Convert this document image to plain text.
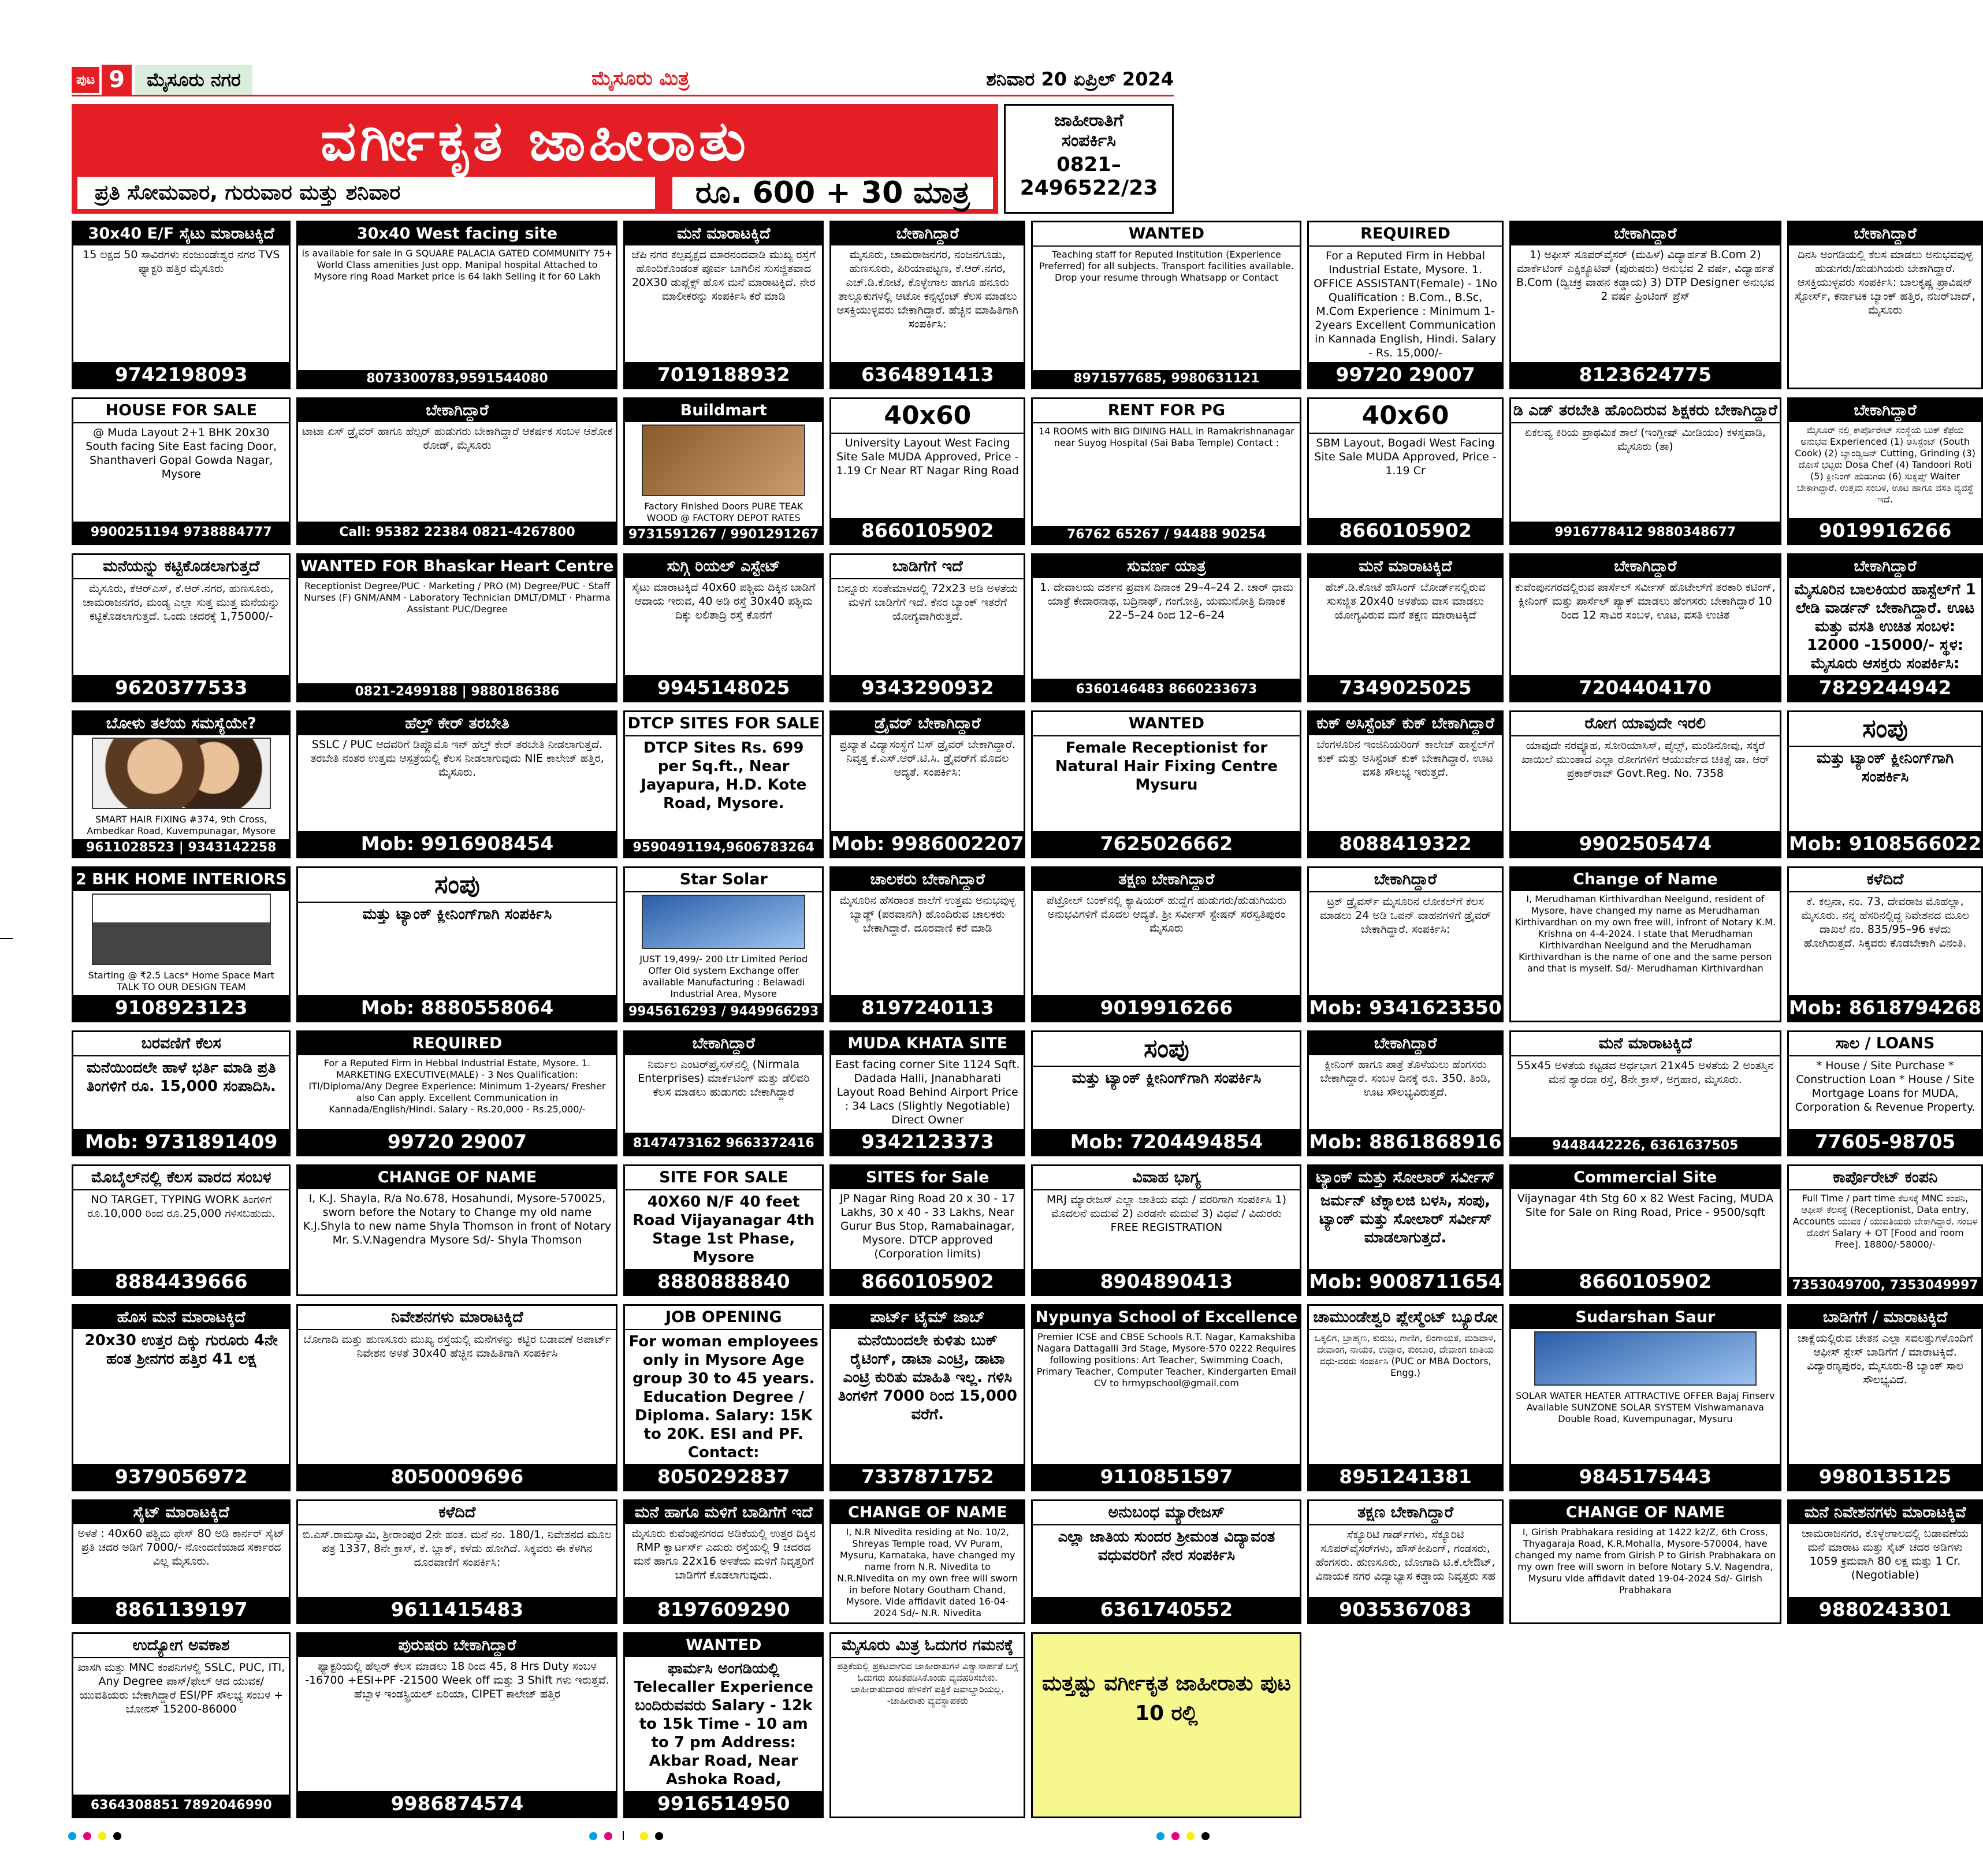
ಪುಟ 9	ಮೈಸೂರು ನಗರ	ಮೈಸೂರು ಮಿತ್ರ	ಶನಿವಾರ 20 ಏಪ್ರಿಲ್ 2024
ವರ್ಗೀಕೃತ ಜಾಹೀರಾತು
ಪ್ರತಿ ಸೋಮವಾರ, ಗುರುವಾರ ಮತ್ತು ಶನಿವಾರ	ರೂ. 600 + 30 ಮಾತ್ರ
ಜಾಹೀರಾತಿಗೆ
ಸಂಪರ್ಕಿಸಿ
0821–
2496522/23
30x40 E/F ಸೈಟು ಮಾರಾಟಕ್ಕಿದೆ
15 ಲಕ್ಷದ 50 ಸಾವಿರಗಳು ನಂಜುಂಡೇಶ್ವರ ನಗರ TVS ಫ್ಯಾಕ್ಟರಿ ಹತ್ತಿರ ಮೈಸೂರು
9742198093
30x40 West facing site
is available for sale in G SQUARE PALACIA GATED COMMUNITY 75+ World Class amenities Just opp. Manipal hospital Attached to Mysore ring Road Market price is 64 lakh Selling it for 60 Lakh
8073300783,9591544080
ಮನೆ ಮಾರಾಟಕ್ಕಿದೆ
ಜೆಪಿ ನಗರ ಕಲ್ಪವೃಕ್ಷದ ಮಾರನಂದವಾಡಿ ಮುಖ್ಯ ರಸ್ತೆಗೆ ಹೊಂದಿಕೊಂಡಂತೆ ಪೂರ್ವ ಬಾಗಿಲಿನ ಸುಸಜ್ಜಿತವಾದ 20X30 ಡುಪ್ಲೆಕ್ಸ್ ಹೊಸ ಮನೆ ಮಾರಾಟಕ್ಕಿದೆ. ನೇರ ಮಾಲೀಕರನ್ನು ಸಂಪರ್ಕಿಸಿ ಕರೆ ಮಾಡಿ
7019188932
ಬೇಕಾಗಿದ್ದಾರೆ
ಮೈಸೂರು, ಚಾಮರಾಜನಗರ, ನಂಜನಗೂಡು, ಹುಣಸೂರು, ಪಿರಿಯಾಪಟ್ಟಣ, ಕೆ.ಆರ್.ನಗರ, ಎಚ್.ಡಿ.ಕೋಟೆ, ಕೊಳ್ಳೇಗಾಲ ಹಾಗೂ ಹನೂರು ತಾಲ್ಲೂಕುಗಳಲ್ಲಿ ಆಟೋ ಕನ್ಸಲ್ಟೆಂಟ್ ಕೆಲಸ ಮಾಡಲು ಆಸಕ್ತಿಯುಳ್ಳವರು ಬೇಕಾಗಿದ್ದಾರೆ. ಹೆಚ್ಚಿನ ಮಾಹಿತಿಗಾಗಿ ಸಂಪರ್ಕಿಸಿ:
6364891413
WANTED
Teaching staff for Reputed Institution (Experience Preferred) for all subjects. Transport facilities available. Drop your resume through Whatsapp or Contact
8971577685, 9980631121
REQUIRED
For a Reputed Firm in Hebbal Industrial Estate, Mysore. 1. OFFICE ASSISTANT(Female) - 1No Qualification : B.Com., B.Sc, M.Com Experience : Minimum 1-2years Excellent Communication in Kannada English, Hindi. Salary - Rs. 15,000/-
99720 29007
ಬೇಕಾಗಿದ್ದಾರೆ
1) ಅಫೀಸ್ ಸೂಪರ್‌ವೈಸರ್ (ಮಹಿಳೆ) ವಿದ್ಯಾರ್ಹತೆ B.Com 2) ಮಾರ್ಕೆಟಿಂಗ್ ಎಕ್ಸಿಕ್ಯೂಟಿವ್ (ಪುರುಷರು) ಅನುಭವ 2 ವರ್ಷ, ವಿದ್ಯಾರ್ಹತೆ B.Com (ದ್ವಿಚಕ್ರ ವಾಹನ ಕಡ್ಡಾಯ) 3) DTP Designer ಅನುಭವ 2 ವರ್ಷ ಪ್ರಿಂಟಿಂಗ್ ಪ್ರೆಸ್
8123624775
ಬೇಕಾಗಿದ್ದಾರೆ
ದಿನಸಿ ಅಂಗಡಿಯಲ್ಲಿ ಕೆಲಸ ಮಾಡಲು ಅನುಭವವುಳ್ಳ ಹುಡುಗರು/ಹುಡುಗಿಯರು ಬೇಕಾಗಿದ್ದಾರೆ. ಆಸಕ್ತಿಯುಳ್ಳವರು ಸಂಪರ್ಕಿಸಿ: ಬಾಲಕೃಷ್ಣ ಪ್ರಾವಿಷನ್ ಸ್ಟೋರ್ಸ್, ಕರ್ನಾಟಕ ಬ್ಯಾಂಕ್ ಹತ್ತಿರ, ನಜರ್‌ಬಾದ್, ಮೈಸೂರು
HOUSE FOR SALE
@ Muda Layout 2+1 BHK 20x30 South facing Site East facing Door, Shanthaveri Gopal Gowda Nagar, Mysore
9900251194 9738884777
ಬೇಕಾಗಿದ್ದಾರೆ
ಟಾಟಾ ಏಸ್ ಡ್ರೈವರ್ ಹಾಗೂ ಹೆಲ್ಪರ್ ಹುಡುಗರು ಬೇಕಾಗಿದ್ದಾರೆ ಆಕರ್ಷಕ ಸಂಬಳ ಆಶೋಕ ರೋಡ್, ಮೈಸೂರು
Call: 95382 22384 0821-4267800
Buildmart
Factory Finished Doors PURE TEAK WOOD @ FACTORY DEPOT RATES
9731591267 / 9901291267
40x60
University Layout West Facing Site Sale MUDA Approved, Price - 1.19 Cr Near RT Nagar Ring Road
8660105902
RENT FOR PG
14 ROOMS with BIG DINING HALL in Ramakrishnanagar near Suyog Hospital (Sai Baba Temple) Contact :
76762 65267 / 94488 90254
40x60
SBM Layout, Bogadi West Facing Site Sale MUDA Approved, Price - 1.19 Cr
8660105902
ಡಿ ಎಡ್ ತರಬೇತಿ ಹೊಂದಿರುವ ಶಿಕ್ಷಕರು ಬೇಕಾಗಿದ್ದಾರೆ
ಏಕಲವ್ಯ ಕಿರಿಯ ಪ್ರಾಥಮಿಕ ಶಾಲೆ (ಇಂಗ್ಲೀಷ್ ಮೀಡಿಯಂ) ಕಳಸ್ತವಾಡಿ, ಮೈಸೂರು (ತಾ)
9916778412 9880348677
ಬೇಕಾಗಿದ್ದಾರೆ
ಮೈಸೂರ್ ನಲ್ಲಿ ಕಾರ್ಪೊರೇಟ್ ಸಂಸ್ಥೆಯ ಬುಕ್ ಕೆಫೆಯ ಅನುಭವ Experienced (1) ಅಸಿಸ್ಟೆಂಟ್ (South Cook) (2) ಬ್ಯಾಂಡ್ವಿಜನ್ Cutting, Grinding (3) ದೋಸೆ ಭಟ್ಟರು Dosa Chef (4) Tandoori Roti (5) ಕ್ಲೀನಿಂಗ್ ಹುಡುಗರು (6) ಸುಕ್ಸಪ್ಸ್ Waiter ಬೇಕಾಗಿದ್ದಾರೆ. ಉತ್ತಮ ಸಂಬಳ, ಊಟ ಹಾಗೂ ವಸತಿ ವ್ಯವಸ್ಥೆ ಇದೆ.
9019916266
ಮನೆಯನ್ನು ಕಟ್ಟಿಕೊಡಲಾಗುತ್ತದೆ
ಮೈಸೂರು, ಕೆಆರ್‌ಎಸ್, ಕೆ.ಆರ್.ನಗರ, ಹುಣಸೂರು, ಚಾಮರಾಜನಗರ, ಮಂಡ್ಯ ಎಲ್ಲಾ ಸುತ್ತ ಮುತ್ತ ಮನೆಯನ್ನು ಕಟ್ಟಿಕೊಡಲಾಗುತ್ತದೆ. ಒಂದು ಚದರಕ್ಕೆ 1,75000/-
9620377533
WANTED FOR Bhaskar Heart Centre
Receptionist Degree/PUC · Marketing / PRO (M) Degree/PUC · Staff Nurses (F) GNM/ANM · Laboratory Technician DMLT/DMLT · Pharma Assistant PUC/Degree
0821-2499188 | 9880186386
ಸುಗ್ಗಿ ರಿಯಲ್ ಎಸ್ಟೇಟ್
ಸೈಟು ಮಾರಾಟಕ್ಕಿದೆ 40x60 ಪಶ್ಚಿಮ ದಿಕ್ಕಿನ ಬಾಡಿಗೆ ಆದಾಯ ಇರುವ, 40 ಅಡಿ ರಸ್ತೆ 30x40 ಪಶ್ಚಿಮ ದಿಕ್ಕು ಲಲಿತಾದ್ರಿ ರಸ್ತೆ ಕೊನೆಗೆ
9945148025
ಬಾಡಿಗೆಗೆ ಇದೆ
ಬನ್ನೂರು ಸಂತೇಮಾಳದಲ್ಲಿ 72x23 ಅಡಿ ಅಳತೆಯ ಮಳಿಗೆ ಬಾಡಿಗೆಗೆ ಇದೆ. ಕೆನರ ಬ್ಯಾಂಕ್ ಇತರೆಗೆ ಯೋಗ್ಯವಾಗಿರುತ್ತದೆ.
9343290932
ಸುವರ್ಣ ಯಾತ್ರ
1. ದೇವಾಲಯ ದರ್ಶನ ಪ್ರವಾಸ ದಿನಾಂಕ 29–4–24 2. ಚಾರ್ ಧಾಮ ಯಾತ್ರೆ ಕೇದಾರನಾಥ, ಬದ್ರಿನಾಥ್, ಗಂಗೋತ್ರಿ, ಯಮುನೋತ್ರಿ ದಿನಾಂಕ 22–5–24 ರಿಂದ 12–6–24
6360146483 8660233673
ಮನೆ ಮಾರಾಟಕ್ಕಿದೆ
ಹೆಚ್.ಡಿ.ಕೋಟೆ ಹೌಸಿಂಗ್ ಬೋರ್ಡ್‌ನಲ್ಲಿರುವ ಸುಸಜ್ಜಿತ 20x40 ಅಳತೆಯ ವಾಸ ಮಾಡಲು ಯೋಗ್ಯವಿರುವ ಮನೆ ತಕ್ಷಣ ಮಾರಾಟಕ್ಕಿದೆ
7349025025
ಬೇಕಾಗಿದ್ದಾರೆ
ಕುವೆಂಪುನಗರದಲ್ಲಿರುವ ಪಾರ್ಸೆಲ್ ಸರ್ವೀಸ್ ಹೊಟೇಲ್‌ಗೆ ತರಕಾರಿ ಕಟಿಂಗ್, ಕ್ಲೀನಿಂಗ್ ಮತ್ತು ಪಾರ್ಸೆಲ್ ಪ್ಯಾಕ್ ಮಾಡಲು ಹೆಂಗಸರು ಬೇಕಾಗಿದ್ದಾರೆ 10 ರಿಂದ 12 ಸಾವಿರ ಸಂಬಳ, ಊಟ, ವಸತಿ ಉಚಿತ
7204404170
ಬೇಕಾಗಿದ್ದಾರೆ
ಮೈಸೂರಿನ ಬಾಲಕಿಯರ ಹಾಸ್ಟೆಲ್‌ಗೆ 1 ಲೇಡಿ ವಾರ್ಡನ್ ಬೇಕಾಗಿದ್ದಾರೆ. ಊಟ ಮತ್ತು ವಸತಿ ಉಚಿತ ಸಂಬಳ: 12000 -15000/- ಸ್ಥಳ: ಮೈಸೂರು ಆಸಕ್ತರು ಸಂಪರ್ಕಿಸಿ:
7829244942
ಬೋಳು ತಲೆಯ ಸಮಸ್ಯೆಯೇ?
SMART HAIR FIXING #374, 9th Cross, Ambedkar Road, Kuvempunagar, Mysore
9611028523 | 9343142258
ಹೆಲ್ತ್ ಕೇರ್ ತರಬೇತಿ
SSLC / PUC ಆದವರಿಗೆ ಡಿಪ್ಲೊಮೊ ಇನ್ ಹೆಲ್ತ್ ಕೇರ್ ತರಬೇತಿ ನೀಡಲಾಗುತ್ತದೆ. ತರಬೇತಿ ನಂತರ ಉತ್ತಮ ಆಸ್ಪತ್ರೆಯಲ್ಲಿ ಕೆಲಸ ನೀಡಲಾಗುವುದು NIE ಕಾಲೇಜ್ ಹತ್ತಿರ, ಮೈಸೂರು.
Mob: 9916908454
DTCP SITES FOR SALE
DTCP Sites Rs. 699 per Sq.ft., Near Jayapura, H.D. Kote Road, Mysore.
9590491194,9606783264
ಡ್ರೈವರ್ ಬೇಕಾಗಿದ್ದಾರೆ
ಪ್ರಖ್ಯಾತ ವಿದ್ಯಾಸಂಸ್ಥೆಗೆ ಬಸ್ ಡ್ರೈವರ್ ಬೇಕಾಗಿದ್ದಾರೆ. ನಿವೃತ್ತ ಕೆ.ಎಸ್.ಆರ್.ಟಿ.ಸಿ. ಡ್ರೈವರ್‌ಗೆ ಮೊದಲ ಆದ್ಯತೆ. ಸಂಪರ್ಕಿಸಿ:
Mob: 9986002207
WANTED
Female Receptionist for Natural Hair Fixing Centre Mysuru
7625026662
ಕುಕ್ ಅಸಿಸ್ಟೆಂಟ್ ಕುಕ್ ಬೇಕಾಗಿದ್ದಾರೆ
ಬೆಂಗಳೂರಿನ ಇಂಜಿನಿಯರಿಂಗ್ ಕಾಲೇಜ್ ಹಾಸ್ಟೆಲ್‌ಗೆ ಕುಕ್ ಮತ್ತು ಅಸಿಸ್ಟೆಂಟ್ ಕುಕ್ ಬೇಕಾಗಿದ್ದಾರೆ. ಊಟ ವಸತಿ ಸೌಲಭ್ಯ ಇರುತ್ತದೆ.
8088419322
ರೋಗ ಯಾವುದೇ ಇರಲಿ
ಯಾವುದೇ ನರವ್ಯೂಹ, ಸೋರಿಯಾಸಿಸ್, ಪೈಲ್ಸ್, ಮಂಡಿನೋವು, ಸಕ್ಕರೆ ಖಾಯಿಲೆ ಮುಂತಾದ ಎಲ್ಲಾ ರೋಗಗಳಿಗೆ ಆಯುರ್ವೇದ ಚಿಕಿತ್ಸೆ ಡಾ. ಆರ್ ಪ್ರಕಾಶ್‌ರಾವ್ Govt.Reg. No. 7358
9902505474
ಸಂಪು
ಮತ್ತು ಟ್ಯಾಂಕ್ ಕ್ಲೀನಿಂಗ್‌ಗಾಗಿ ಸಂಪರ್ಕಿಸಿ
Mob: 9108566022
2 BHK HOME INTERIORS
Starting @ ₹2.5 Lacs* Home Space Mart TALK TO OUR DESIGN TEAM
9108923123
ಸಂಪು
ಮತ್ತು ಟ್ಯಾಂಕ್ ಕ್ಲೀನಿಂಗ್‌ಗಾಗಿ ಸಂಪರ್ಕಿಸಿ
Mob: 8880558064
Star Solar
JUST 19,499/- 200 Ltr Limited Period Offer Old system Exchange offer available Manufacturing : Belawadi Industrial Area, Mysore
9945616293 / 9449966293
ಚಾಲಕರು ಬೇಕಾಗಿದ್ದಾರೆ
ಮೈಸೂರಿನ ಹೆಸರಾಂತ ಶಾಲೆಗೆ ಉತ್ತಮ ಅನುಭವುಳ್ಳ ಬ್ಯಾಡ್ಜ್ (ಪರವಾನಗಿ) ಹೊಂದಿರುವ ಚಾಲಕರು ಬೇಕಾಗಿದ್ದಾರೆ. ದೂರವಾಣಿ ಕರೆ ಮಾಡಿ
8197240113
ತಕ್ಷಣ ಬೇಕಾಗಿದ್ದಾರೆ
ಪೆಟ್ರೋಲ್ ಬಂಕ್‌ನಲ್ಲಿ ಕ್ಯಾಷಿಯರ್ ಹುದ್ದೆಗೆ ಹುಡುಗರು/ಹುಡುಗಿಯರು ಅನುಭವಿಗಳಿಗೆ ಮೊದಲ ಆದ್ಯತೆ. ಶ್ರೀ ಸರ್ವೀಸ್ ಸ್ಟೇಷನ್ ಸರಸ್ವತಿಪುರಂ ಮೈಸೂರು
9019916266
ಬೇಕಾಗಿದ್ದಾರೆ
ಟ್ರಕ್ ಡ್ರೈವರ್ಸ್ ಮೈಸೂರಿನ ಲೋಕಲ್‌ಗೆ ಕೆಲಸ ಮಾಡಲು 24 ಅಡಿ ಒಪನ್ ವಾಹನಗಳಿಗೆ ಡ್ರೈವರ್ ಬೇಕಾಗಿದ್ದಾರೆ. ಸಂಪರ್ಕಿಸಿ:
Mob: 9341623350
Change of Name
I, Merudhaman Kirthivardhan Neelgund, resident of Mysore, have changed my name as Merudhaman Kirthivardhan on my own free will, infront of Notary K.M. Krishna on 4-4-2024. I state that Merudhaman Kirthivardhan Neelgund and the Merudhaman Kirthivardhan is the name of one and the same person and that is myself. Sd/- Merudhaman Kirthivardhan
ಕಳೆದಿದೆ
ಕೆ. ಕಲ್ಪನಾ, ನಂ. 73, ದೇವರಾಜ ಮೊಹಲ್ಲಾ, ಮೈಸೂರು. ನನ್ನ ಹೆಸರಿನಲ್ಲಿದ್ದ ನಿವೇಶನದ ಮೂಲ ದಾಖಲೆ ನಂ. 835/95–96 ಕಳೆದು ಹೋಗಿರುತ್ತದೆ. ಸಿಕ್ಕವರು ಕೊಡಬೇಕಾಗಿ ವಿನಂತಿ.
Mob: 8618794268
ಬರವಣಿಗೆ ಕೆಲಸ
ಮನೆಯಿಂದಲೇ ಹಾಳೆ ಭರ್ತಿ ಮಾಡಿ ಪ್ರತಿ ತಿಂಗಳಿಗೆ ರೂ. 15,000 ಸಂಪಾದಿಸಿ.
Mob: 9731891409
REQUIRED
For a Reputed Firm in Hebbal Industrial Estate, Mysore. 1. MARKETING EXECUTIVE(MALE) - 3 Nos Qualification: ITI/Diploma/Any Degree Experience: Minimum 1-2years/ Fresher also Can apply. Excellent Communication in Kannada/English/Hindi. Salary - Rs.20,000 - Rs.25,000/-
99720 29007
ಬೇಕಾಗಿದ್ದಾರೆ
ನಿರ್ಮಲ ಎಂಟರ್‌ಪ್ರೈಸಸ್‌ನಲ್ಲಿ (Nirmala Enterprises) ಮಾರ್ಕೆಟಿಂಗ್ ಮತ್ತು ಡೆಲಿವರಿ ಕೆಲಸ ಮಾಡಲು ಹುಡುಗರು ಬೇಕಾಗಿದ್ದಾರೆ
8147473162 9663372416
MUDA KHATA SITE
East facing corner Site 1124 Sqft. Dadada Halli, Jnanabharati Layout Road Behind Airport Price : 34 Lacs (Slightly Negotiable) Direct Owner
9342123373
ಸಂಪು
ಮತ್ತು ಟ್ಯಾಂಕ್ ಕ್ಲೀನಿಂಗ್‌ಗಾಗಿ ಸಂಪರ್ಕಿಸಿ
Mob: 7204494854
ಬೇಕಾಗಿದ್ದಾರೆ
ಕ್ಲೀನಿಂಗ್ ಹಾಗೂ ಪಾತ್ರೆ ತೊಳೆಯಲು ಹೆಂಗಸರು ಬೇಕಾಗಿದ್ದಾರೆ. ಸಂಬಳ ದಿನಕ್ಕೆ ರೂ. 350. ತಿಂಡಿ, ಊಟ ಸೌಲಭ್ಯವಿರುತ್ತದೆ.
Mob: 8861868916
ಮನೆ ಮಾರಾಟಕ್ಕಿದೆ
55x45 ಅಳತೆಯ ಕಟ್ಟಡದ ಅರ್ಧಭಾಗ 21x45 ಅಳತೆಯ 2 ಅಂತಸ್ತಿನ ಮನೆ ಶ್ಯಾರದಾ ರಸ್ತೆ, 8ನೇ ಕ್ರಾಸ್, ಅಗ್ರಹಾರ, ಮೈಸೂರು.
9448442226, 6361637505
ಸಾಲ / LOANS
* House / Site Purchase * Construction Loan * House / Site Mortgage Loans for MUDA, Corporation & Revenue Property.
77605-98705
ಮೊಬೈಲ್‌ನಲ್ಲಿ ಕೆಲಸ ವಾರದ ಸಂಬಳ
NO TARGET, TYPING WORK ತಿಂಗಳಿಗೆ ರೂ.10,000 ರಿಂದ ರೂ.25,000 ಗಳಿಸಬಹುದು.
8884439666
CHANGE OF NAME
I, K.J. Shayla, R/a No.678, Hosahundi, Mysore-570025, sworn before the Notary to Change my old name K.J.Shyla to new name Shyla Thomson in front of Notary Mr. S.V.Nagendra Mysore Sd/- Shyla Thomson
SITE FOR SALE
40X60 N/F 40 feet Road Vijayanagar 4th Stage 1st Phase, Mysore
8880888840
SITES for Sale
JP Nagar Ring Road 20 x 30 - 17 Lakhs, 30 x 40 - 33 Lakhs, Near Gurur Bus Stop, Ramabainagar, Mysore. DTCP approved (Corporation limits)
8660105902
ವಿವಾಹ ಭಾಗ್ಯ
MRJ ಮ್ಯಾರೇಜಸ್ ಎಲ್ಲಾ ಜಾತಿಯ ವಧು / ವರರಿಗಾಗಿ ಸಂಪರ್ಕಿಸಿ 1) ಮೊದಲನೆ ಮದುವೆ 2) ಎರಡನೇ ಮದುವೆ 3) ವಿಧವೆ / ವಿದುರರು FREE REGISTRATION
8904890413
ಟ್ಯಾಂಕ್ ಮತ್ತು ಸೋಲಾರ್ ಸರ್ವೀಸ್
ಜರ್ಮನ್ ಟೆಕ್ನಾಲಜಿ ಬಳಸಿ, ಸಂಪು, ಟ್ಯಾಂಕ್ ಮತ್ತು ಸೋಲಾರ್ ಸರ್ವೀಸ್ ಮಾಡಲಾಗುತ್ತದೆ.
Mob: 9008711654
Commercial Site
Vijaynagar 4th Stg 60 x 82 West Facing, MUDA Site for Sale on Ring Road, Price - 9500/sqft
8660105902
ಕಾರ್ಪೊರೇಟ್ ಕಂಪನಿ
Full Time / part time ಕೆಲಸಕ್ಕೆ MNC ಕಂಪನಿ, ಆಫೀಸ್ ಕೆಲಸಕ್ಕೆ (Receptionist, Data entry, Accounts ಯುವಕ / ಯುವತಿಯರು ಬೇಕಾಗಿದ್ದಾರೆ. ಸಂಬಳ ದೊರೆಗೆ Salary + OT [Food and room Free]. 18800/-58000/-
7353049700, 7353049997
ಹೊಸ ಮನೆ ಮಾರಾಟಕ್ಕಿದೆ
20x30 ಉತ್ತರ ದಿಕ್ಕು ಗುರೂರು 4ನೇ ಹಂತ ಶ್ರೀನಗರ ಹತ್ತಿರ 41 ಲಕ್ಷ
9379056972
ನಿವೇಶನಗಳು ಮಾರಾಟಕ್ಕಿದೆ
ಬೋಗಾದಿ ಮತ್ತು ಹುಣಸೂರು ಮುಖ್ಯ ರಸ್ತೆಯಲ್ಲಿ ಮನೆಗಳನ್ನು ಕಟ್ಟಿರ ಬಡಾವಣೆ ಅಪಾರ್ಟ್ ನಿವೇಶನ ಅಳತೆ 30x40 ಹೆಚ್ಚಿನ ಮಾಹಿತಿಗಾಗಿ ಸಂಪರ್ಕಿಸಿ
8050009696
JOB OPENING
For woman employees only in Mysore Age group 30 to 45 years. Education Degree / Diploma. Salary: 15K to 20K. ESI and PF. Contact:
8050292837
ಪಾರ್ಟ್ ಟೈಮ್ ಜಾಬ್
ಮನೆಯಿಂದಲೇ ಕುಳಿತು ಬುಕ್ ರೈಟಿಂಗ್, ಡಾಟಾ ಎಂಟ್ರಿ, ಡಾಟಾ ಎಂಟ್ರಿ ಕುರಿತು ಮಾಹಿತಿ ಇಲ್ಲ. ಗಳಿಸಿ ತಿಂಗಳಿಗೆ 7000 ರಿಂದ 15,000 ವರೆಗೆ.
7337871752
Nypunya School of Excellence
Premier ICSE and CBSE Schools R.T. Nagar, Kamakshiba Nagara Dattagalli 3rd Stage, Mysore-570 0222 Requires following positions: Art Teacher, Swimming Coach, Primary Teacher, Computer Teacher, Kindergarten Email CV to hrmypschool@gmail.com
9110851597
ಚಾಮುಂಡೇಶ್ವರಿ ಪ್ಲೇಸ್ಮೆಂಟ್ ಬ್ಯೂರೋ
ಒಕ್ಕಲಿಗ, ಬ್ರಾಹ್ಮಣ, ಕುರುಬ, ಗಾಣಿಗ, ಲಿಂಗಾಯತ, ಮಡಿವಾಳ, ದೇವಾಂಗ, ನಾಯಕ, ಉಪ್ಪಾರ, ಕುಂಬಾರ, ದೇವಾಂಗ ಜಾತಿಯ ವಧು-ವರರು ಸಂಪರ್ಕಿಸಿ (PUC or MBA Doctors, Engg.)
8951241381
Sudarshan Saur
SOLAR WATER HEATER ATTRACTIVE OFFER Bajaj Finserv Available SUNZONE SOLAR SYSTEM Vishwamanava Double Road, Kuvempunagar, Mysuru
9845175443
ಬಾಡಿಗೆಗೆ / ಮಾರಾಟಕ್ಕಿದೆ
ಚಾಕ್ಲೆಯಲ್ಲಿರುವ ಚೇತನ ಎಲ್ಲಾ ಸವಲತ್ತುಗಳೊಂದಿಗೆ ಆಫೀಸ್ ಸ್ಪೇಸ್ ಬಾಡಿಗೆಗೆ / ಮಾರಾಟಕ್ಕಿದೆ. ವಿದ್ಯಾರಣ್ಯಪುರಂ, ಮೈಸೂರು-8 ಬ್ಯಾಂಕ್ ಸಾಲ ಸೌಲಭ್ಯವಿದೆ.
9980135125
ಸೈಟ್ ಮಾರಾಟಕ್ಕಿದೆ
ಅಳತೆ : 40x60 ಪಶ್ಚಿಮ ಫೇಸ್ 80 ಅಡಿ ಕಾರ್ನರ್ ಸೈಟ್ ಪ್ರತಿ ಚದರ ಅಡಿಗೆ 7000/- ನೋಂದಣಿಯಾದ ಸರ್ಕಾರದ ವಿಲ್ಲ ಮೈಸೂರು.
8861139197
ಕಳೆದಿದೆ
ಬಿ.ಎಸ್.ರಾಮಸ್ವಾಮಿ, ಶ್ರೀರಾಂಪುರ 2ನೇ ಹಂತ. ಮನೆ ನಂ. 180/1, ನಿವೇಶನದ ಮೂಲ ಪತ್ರ 1337, 8ನೇ ಕ್ರಾಸ್, ಕೆ. ಬ್ಲಾಕ್, ಕಳೆದು ಹೋಗಿದೆ. ಸಿಕ್ಕವರು ಈ ಕೆಳಗಿನ ದೂರವಾಣಿಗೆ ಸಂಪರ್ಕಿಸಿ:
9611415483
ಮನೆ ಹಾಗೂ ಮಳಿಗೆ ಬಾಡಿಗೆಗೆ ಇದೆ
ಮೈಸೂರು ಕುವೆಂಪುನಗರದ ಅಡಿಕೆಯಲ್ಲಿ ಉತ್ತರ ದಿಕ್ಕಿನ RMP ಕ್ವಾರ್ಟರ್ಸ್ ಎದುರು ರಸ್ತೆಯಲ್ಲಿ 9 ಚದರದ ಮನೆ ಹಾಗೂ 22x16 ಅಳತೆಯ ಮಳಿಗೆ ನಿವೃತ್ತರಿಗೆ ಬಾಡಿಗೆಗೆ ಕೊಡಲಾಗುವುದು.
8197609290
CHANGE OF NAME
I, N.R Nivedita residing at No. 10/2, Shreyas Temple road, VV Puram, Mysuru, Karnataka, have changed my name from N.R. Nivedita to N.R.Nivedita on my own free will sworn in before Notary Goutham Chand, Mysore. Vide affidavit dated 16-04-2024 Sd/- N.R. Nivedita
ಅನುಬಂಧ ಮ್ಯಾರೇಜಸ್
ಎಲ್ಲಾ ಜಾತಿಯ ಸುಂದರ ಶ್ರೀಮಂತ ವಿದ್ಯಾವಂತ ವಧುವರರಿಗೆ ನೇರ ಸಂಪರ್ಕಿಸಿ
6361740552
ತಕ್ಷಣ ಬೇಕಾಗಿದ್ದಾರೆ
ಸೆಕ್ಯೂರಿಟಿ ಗಾರ್ಡ್‌ಗಳು, ಸೆಕ್ಯೂರಿಟಿ ಸೂಪರ್‌ವೈಸರ್‌ಗಳು, ಹೌಸ್‌ಕೀಪಿಂಗ್, ಗಂಡಸರು, ಹೆಂಗಸರು. ಹುಣಸೂರು, ಬೋಗಾದಿ ಟಿ.ಕೆ.ಲೇಔಟ್, ವಿನಾಯಕ ನಗರ ವಿದ್ಯಾಭ್ಯಾಸ ಕಡ್ಡಾಯ ನಿವೃತ್ತರು ಸಹ
9035367083
CHANGE OF NAME
I, Girish Prabhakara residing at 1422 k2/Z, 6th Cross, Thyagaraja Road, K.R.Mohalla, Mysore-570004, have changed my name from Girish P to Girish Prabhakara on my own free will sworn in before Notary S.V. Nagendra, Mysuru vide affidavit dated 19-04-2024 Sd/- Girish Prabhakara
ಮನೆ ನಿವೇಶನಗಳು ಮಾರಾಟಕ್ಕಿವೆ
ಚಾಮರಾಜನಗರ, ಕೊಳ್ಳೇಗಾಲದಲ್ಲಿ ಬಡಾವಣೆಯ ಮನೆ ಮಾರಾಟ ಮತ್ತು ಸೈಟ್ ಚದರ ಅಡಿಗಳು 1059 ಕ್ರಮವಾಗಿ 80 ಲಕ್ಷ ಮತ್ತು 1 Cr. (Negotiable)
9880243301
ಉದ್ಯೋಗ ಅವಕಾಶ
ಖಾಸಗಿ ಮತ್ತು MNC ಕಂಪನಿಗಳಲ್ಲಿ SSLC, PUC, ITI, Any Degree ಪಾಸ್/ಫೇಲ್ ಆದ ಯುವಕ/ಯುವತಿಯರು ಬೇಕಾಗಿದ್ದಾರೆ ESI/PF ಸೌಲಭ್ಯ ಸಂಬಳ + ಬೋನಸ್ 15200-86000
6364308851 7892046990
ಪುರುಷರು ಬೇಕಾಗಿದ್ದಾರೆ
ಫ್ಯಾಕ್ಟರಿಯಲ್ಲಿ ಹೆಲ್ಪರ್ ಕೆಲಸ ಮಾಡಲು 18 ರಿಂದ 45, 8 Hrs Duty ಸಂಬಳ -16700 +ESI+PF -21500 Week off ಮತ್ತು 3 Shift ಗಳು ಇರುತ್ತವೆ. ಹೆಬ್ಬಾಳ ಇಂಡಸ್ಟ್ರಿಯಲ್ ಏರಿಯಾ, CIPET ಕಾಲೇಜ್ ಹತ್ತಿರ
9986874574
WANTED
ಫಾರ್ಮಸಿ ಅಂಗಡಿಯಲ್ಲಿ Telecaller Experience ಬಂದಿರುವವರು Salary - 12k to 15k Time - 10 am to 7 pm Address: Akbar Road, Near Ashoka Road,
9916514950
ಮೈಸೂರು ಮಿತ್ರ ಓದುಗರ ಗಮನಕ್ಕೆ
ಪತ್ರಿಕೆಯಲ್ಲಿ ಪ್ರಕಟವಾಗುವ ಜಾಹೀರಾತುಗಳ ವಿಶ್ವಾಸಾರ್ಹತೆ ಬಗ್ಗೆ ಓದುಗರು ಖಚಿತಪಡಿಸಿಕೊಂಡು ವ್ಯವಹರಿಸಬೇಕು. ಜಾಹೀರಾತುದಾರರ ಹೇಳಿಕೆಗೆ ಪತ್ರಿಕೆ ಜವಾಬ್ದಾರಿಯಲ್ಲ. -ಜಾಹೀರಾತು ವ್ಯವಸ್ಥಾಪಕರು
ಮತ್ತಷ್ಟು ವರ್ಗೀಕೃತ ಜಾಹೀರಾತು ಪುಟ 10 ರಲ್ಲಿ
